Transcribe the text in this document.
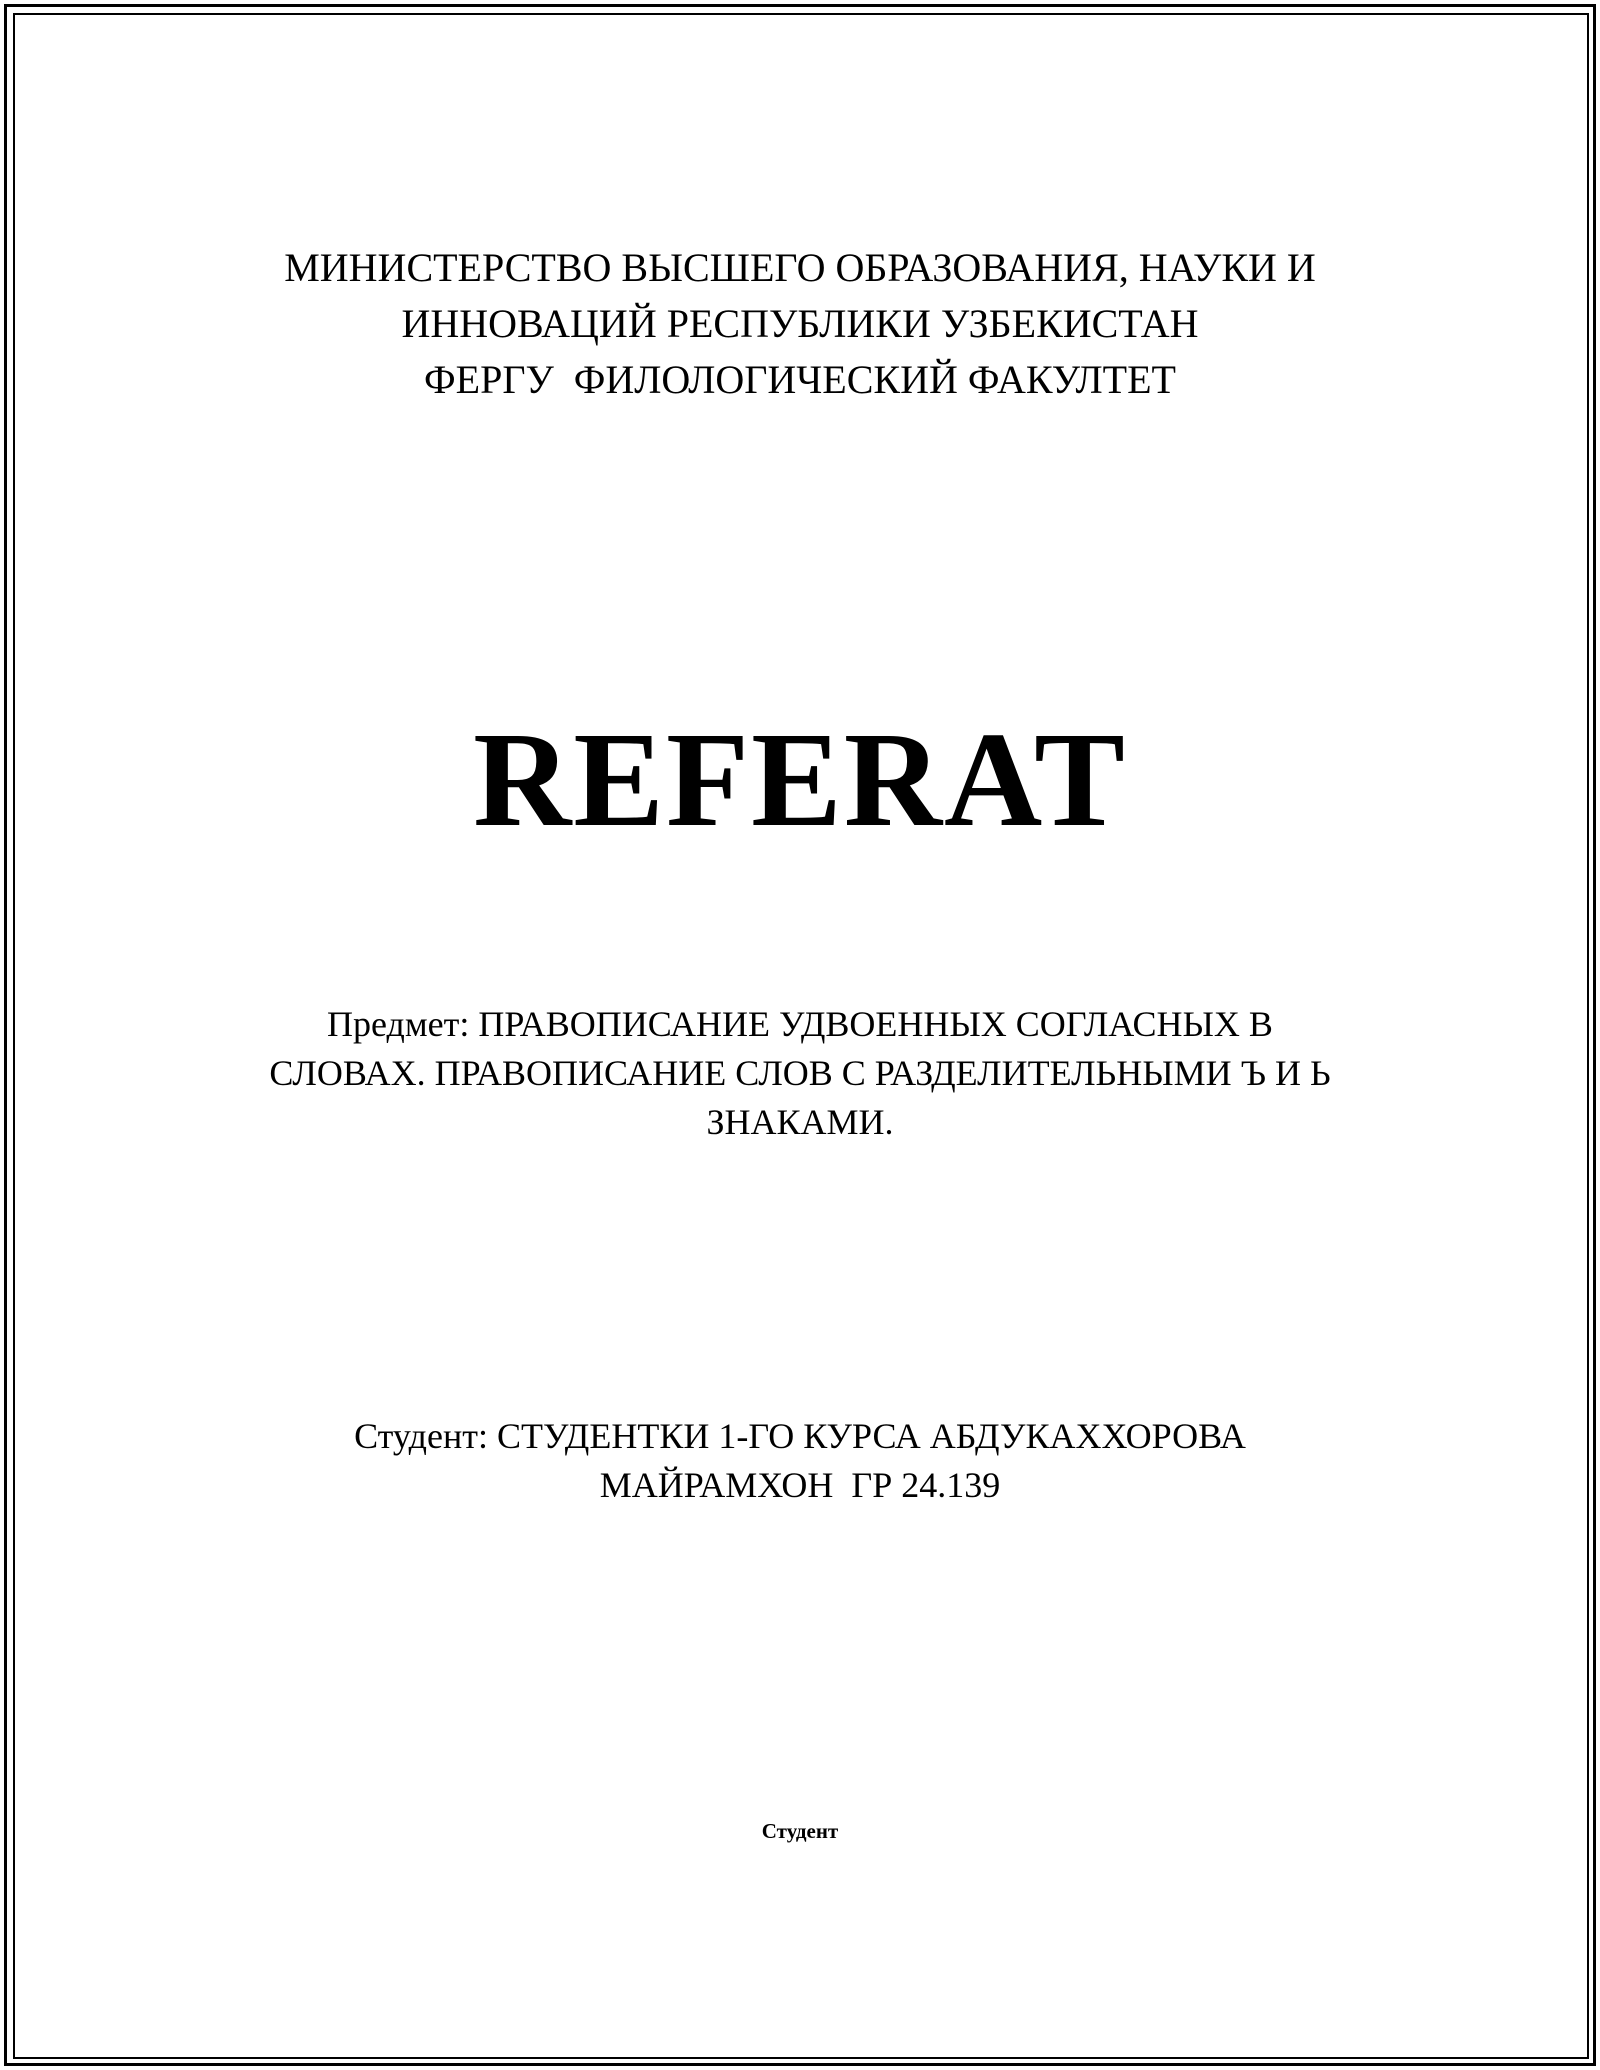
МИНИСТЕРСТВО ВЫСШЕГО ОБРАЗОВАНИЯ, НАУКИ И
ИННОВАЦИЙ РЕСПУБЛИКИ УЗБЕКИСТАН
ФЕРГУ  ФИЛОЛОГИЧЕСКИЙ ФАКУЛТЕТ
REFERAT
Предмет: ПРАВОПИСАНИЕ УДВОЕННЫХ СОГЛАСНЫХ В
СЛОВАХ. ПРАВОПИСАНИЕ СЛОВ С РАЗДЕЛИТЕЛЬНЫМИ Ъ И Ь
ЗНАКАМИ.
Студент: СТУДЕНТКИ 1-ГО КУРСА АБДУКАХХОРОВА
МАЙРАМХОН  ГР 24.139
Студент
